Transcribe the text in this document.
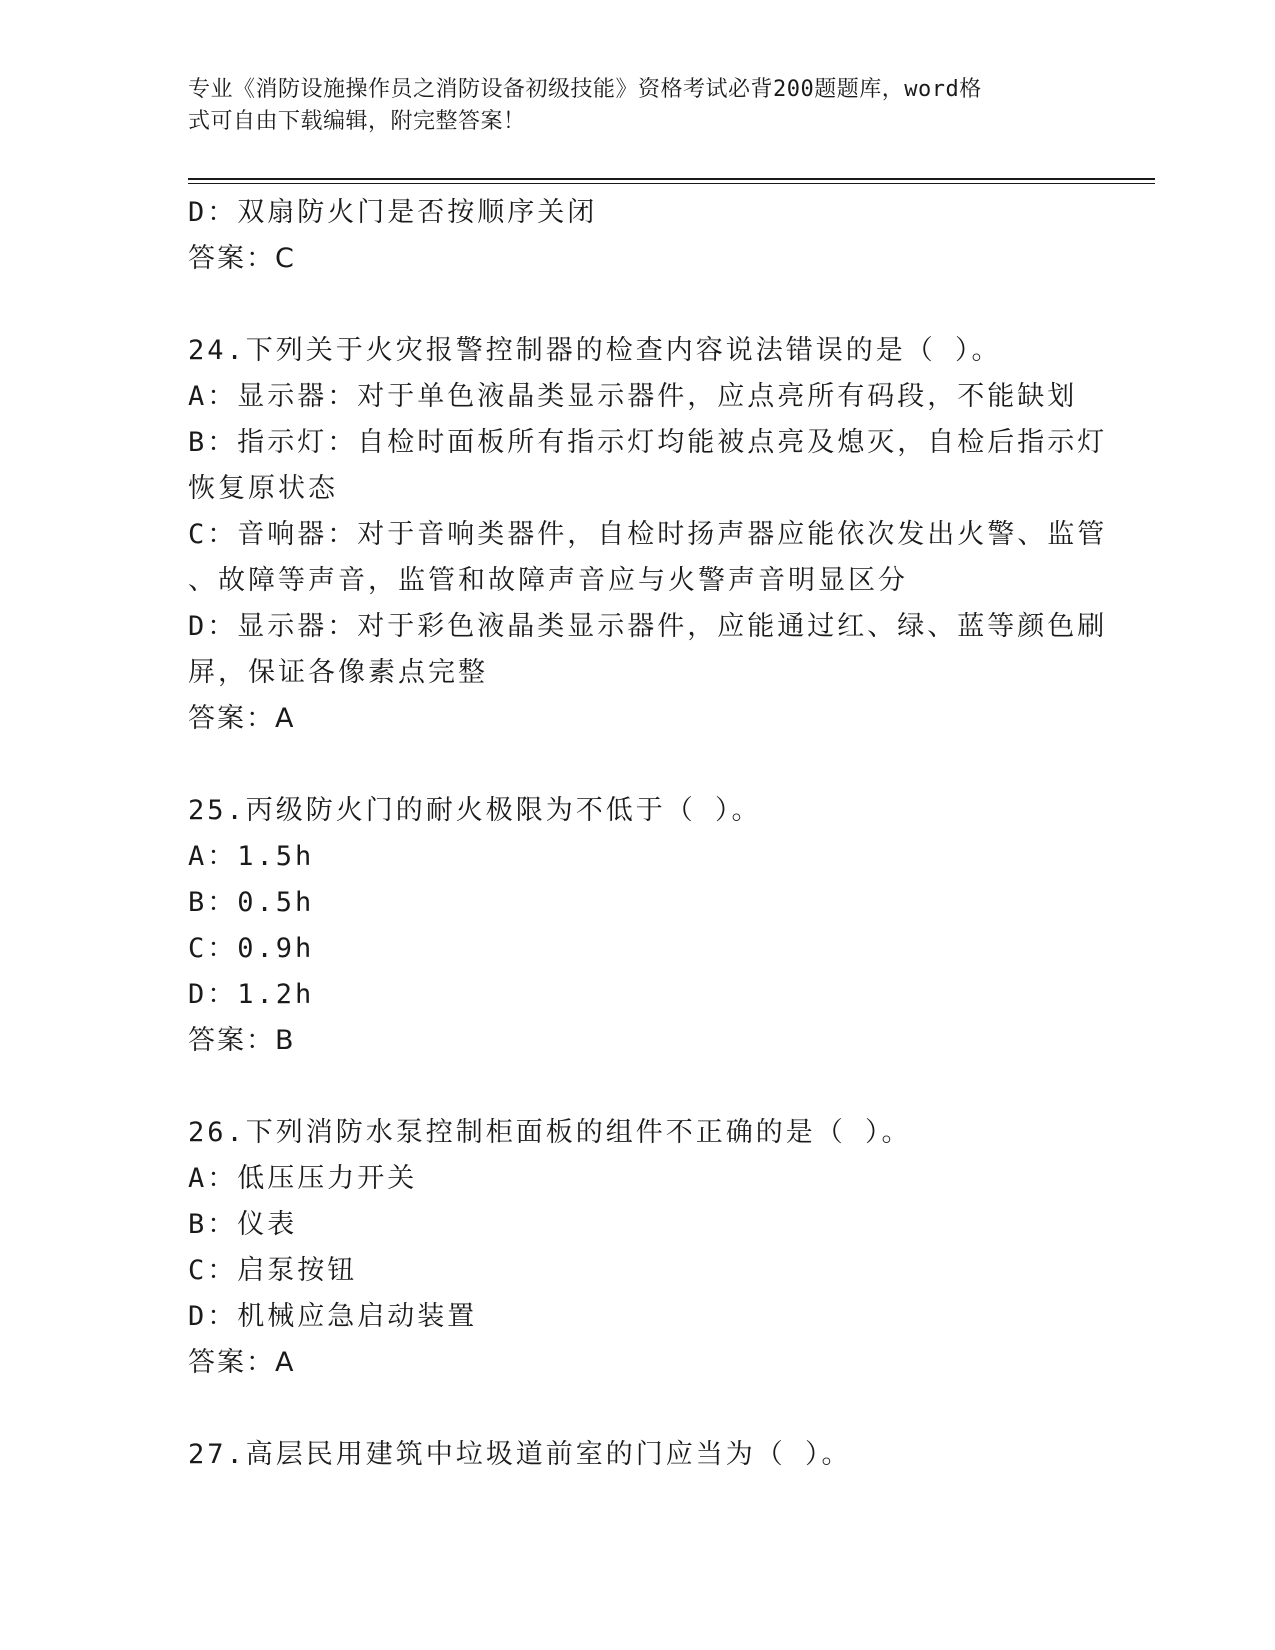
专业《消防设施操作员之消防设备初级技能》资格考试必背200题题库，word格
式可自由下载编辑，附完整答案！
D：双扇防火门是否按顺序关闭
答案：C
24.下列关于火灾报警控制器的检查内容说法错误的是（ ）。
A：显示器：对于单色液晶类显示器件，应点亮所有码段，不能缺划
B：指示灯：自检时面板所有指示灯均能被点亮及熄灭，自检后指示灯
恢复原状态
C：音响器：对于音响类器件，自检时扬声器应能依次发出火警、监管
、故障等声音，监管和故障声音应与火警声音明显区分
D：显示器：对于彩色液晶类显示器件，应能通过红、绿、蓝等颜色刷
屏，保证各像素点完整
答案：A
25.丙级防火门的耐火极限为不低于（ ）。
A：1.5h
B：0.5h
C：0.9h
D：1.2h
答案：B
26.下列消防水泵控制柜面板的组件不正确的是（ ）。
A：低压压力开关
B：仪表
C：启泵按钮
D：机械应急启动装置
答案：A
27.高层民用建筑中垃圾道前室的门应当为（ ）。
